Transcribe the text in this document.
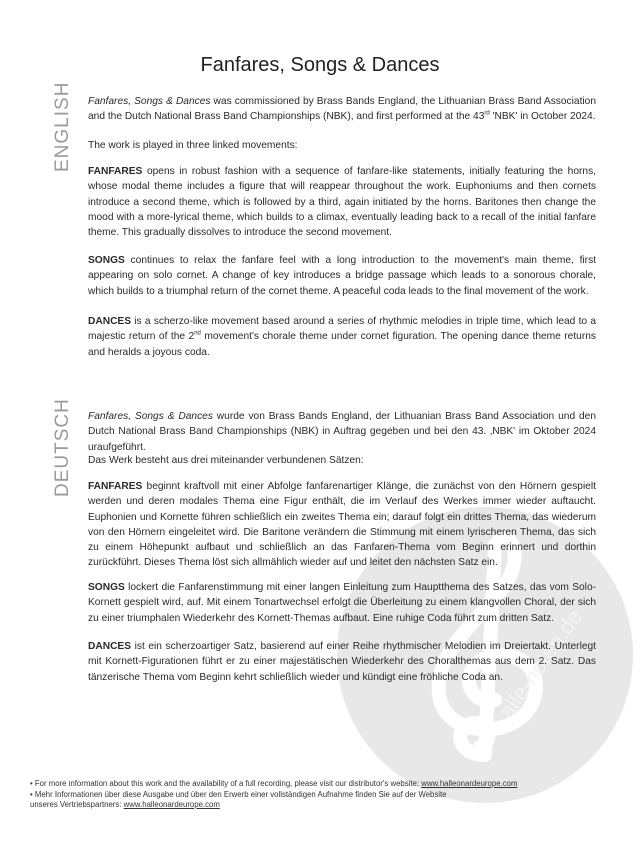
alle-noten.de
Fanfares, Songs & Dances
ENGLISH
DEUTSCH
Fanfares, Songs & Dances was commissioned by Brass Bands England, the Lithuanian Brass Band Association and the Dutch National Brass Band Championships (NBK), and first performed at the 43rd 'NBK' in October 2024.
The work is played in three linked movements:
FANFARES opens in robust fashion with a sequence of fanfare-like statements, initially featuring the horns, whose modal theme includes a figure that will reappear throughout the work. Euphoniums and then cornets introduce a second theme, which is followed by a third, again initiated by the horns. Baritones then change the mood with a more-lyrical theme, which builds to a climax, eventually leading back to a recall of the initial fanfare theme. This gradually dissolves to introduce the second movement.
SONGS continues to relax the fanfare feel with a long introduction to the movement's main theme, first appearing on solo cornet. A change of key introduces a bridge passage which leads to a sonorous chorale, which builds to a triumphal return of the cornet theme. A peaceful coda leads to the final movement of the work.
DANCES is a scherzo-like movement based around a series of rhythmic melodies in triple time, which lead to a majestic return of the 2nd movement's chorale theme under cornet figuration. The opening dance theme returns and heralds a joyous coda.
Fanfares, Songs & Dances wurde von Brass Bands England, der Lithuanian Brass Band Association und den Dutch National Brass Band Championships (NBK) in Auftrag gegeben und bei den 43. ‚NBK' im Oktober 2024 uraufgeführt.
Das Werk besteht aus drei miteinander verbundenen Sätzen:
FANFARES beginnt kraftvoll mit einer Abfolge fanfarenartiger Klänge, die zunächst von den Hörnern gespielt werden und deren modales Thema eine Figur enthält, die im Verlauf des Werkes immer wieder auftaucht. Euphonien und Kornette führen schließlich ein zweites Thema ein; darauf folgt ein drittes Thema, das wiederum von den Hörnern eingeleitet wird. Die Baritone verändern die Stimmung mit einem lyrischeren Thema, das sich zu einem Höhepunkt aufbaut und schließlich an das Fanfaren-Thema vom Beginn erinnert und dorthin zurückführt. Dieses Thema löst sich allmählich wieder auf und leitet den nächsten Satz ein.
SONGS lockert die Fanfarenstimmung mit einer langen Einleitung zum Hauptthema des Satzes, das vom Solo-Kornett gespielt wird, auf. Mit einem Tonartwechsel erfolgt die Überleitung zu einem klangvollen Choral, der sich zu einer triumphalen Wiederkehr des Kornett-Themas aufbaut. Eine ruhige Coda führt zum dritten Satz.
DANCES ist ein scherzoartiger Satz, basierend auf einer Reihe rhythmischer Melodien im Dreiertakt. Unterlegt mit Kornett-Figurationen führt er zu einer majestätischen Wiederkehr des Choralthemas aus dem 2. Satz. Das tänzerische Thema vom Beginn kehrt schließlich wieder und kündigt eine fröhliche Coda an.
• For more information about this work and the availability of a full recording, please visit our distributor's website: www.halleonardeurope.com
• Mehr Informationen über diese Ausgabe und über den Erwerb einer vollständigen Aufnahme finden Sie auf der Website unseres Vertriebspartners: www.halleonardeurope.com
